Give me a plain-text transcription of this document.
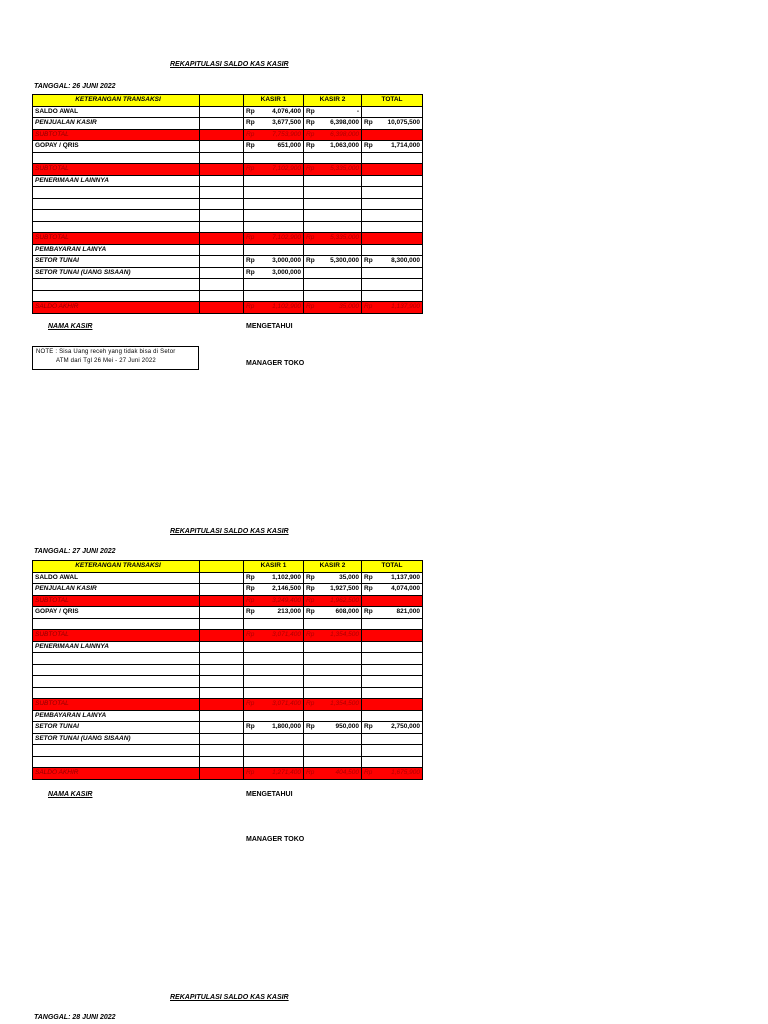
REKAPITULASI SALDO KAS KASIR
TANGGAL: 26 JUNI 2022
KETERANGAN TRANSAKSI		KASIR 1	KASIR 2	TOTAL
SALDO AWAL		Rp 4,076,400	Rp -	

PENJUALAN KASIR		Rp 3,677,500	Rp 6,398,000	Rp 10,075,500

SUBTOTAL		Rp 7,753,900	Rp 6,398,000	

GOPAY / QRIS		Rp 651,000	Rp 1,063,000	Rp 1,714,000

SUBTOTAL		Rp 7,102,900	Rp 5,335,000	

PENERIMAAN LAINNYA				

SUBTOTAL		Rp 7,102,900	Rp 5,335,000	

PEMBAYARAN LAINYA				
SETOR TUNAI		Rp 3,000,000	Rp 5,300,000	Rp 8,300,000

SETOR TUNAI (UANG SISAAN)		Rp 3,000,000		

SALDO AKHIR		Rp 1,102,900	Rp 35,000	Rp 1,137,900
NAMA KASIR	MENGETAHUI
NOTE : Sisa Uang receh yang tidak bisa di Setor
ATM dari Tgl 26 Mei - 27 Juni 2022	MANAGER TOKO
REKAPITULASI SALDO KAS KASIR
TANGGAL: 27 JUNI 2022
KETERANGAN TRANSAKSI		KASIR 1	KASIR 2	TOTAL
SALDO AWAL		Rp 1,102,900	Rp 35,000	Rp 1,137,900

PENJUALAN KASIR		Rp 2,146,500	Rp 1,927,500	Rp 4,074,000

SUBTOTAL		Rp 3,249,400	Rp 1,962,500	

GOPAY / QRIS		Rp 213,000	Rp 608,000	Rp 821,000

SUBTOTAL		Rp 3,071,400	Rp 1,354,500	

PENERIMAAN LAINNYA				

SUBTOTAL		Rp 3,071,400	Rp 1,354,500	

PEMBAYARAN LAINYA				
SETOR TUNAI		Rp 1,800,000	Rp 950,000	Rp 2,750,000

SETOR TUNAI (UANG SISAAN)				

SALDO AKHIR		Rp 1,271,400	Rp 404,500	Rp 1,675,900
NAMA KASIR	MENGETAHUI
MANAGER TOKO
REKAPITULASI SALDO KAS KASIR
TANGGAL: 28 JUNI 2022
